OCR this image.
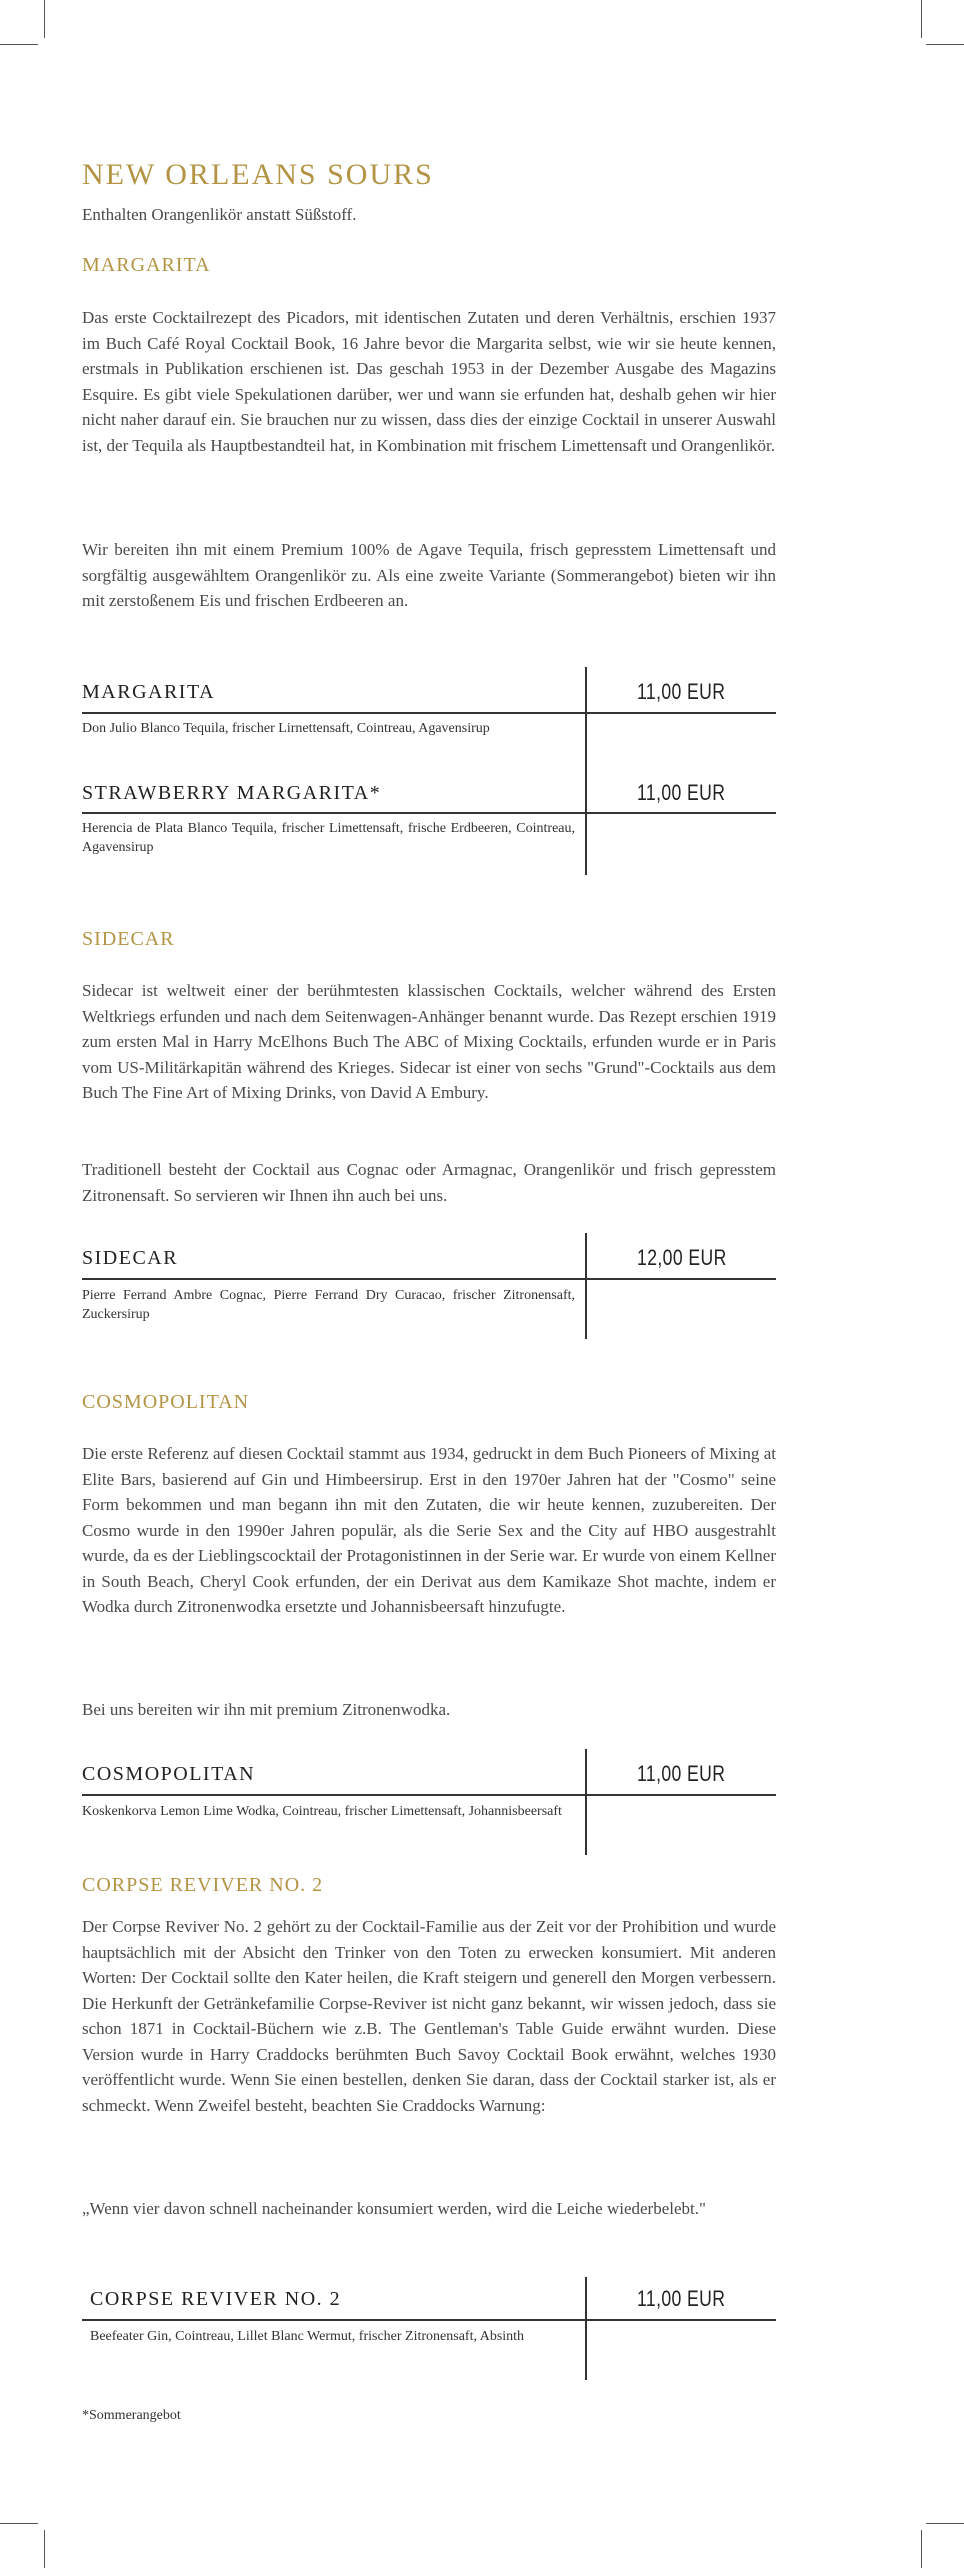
NEW ORLEANS SOURS

Enthalten Orangenlikör anstatt Süßstoff.

MARGARITA

Das erste Cocktailrezept des Picadors, mit identischen Zutaten und deren Verhältnis, erschien 1937 im Buch Café Royal Cocktail Book, 16 Jahre bevor die Margarita selbst, wie wir sie heute kennen, erstmals in Publikation erschienen ist. Das geschah 1953 in der Dezember Ausgabe des Magazins Esquire. Es gibt viele Spekulationen darüber, wer und wann sie erfunden hat, deshalb gehen wir hier nicht naher darauf ein. Sie brauchen nur zu wissen, dass dies der einzige Cocktail in unserer Auswahl ist, der Tequila als Hauptbestandteil hat, in Kombination mit frischem Limettensaft und Orangenlikör.

Wir bereiten ihn mit einem Premium 100% de Agave Tequila, frisch gepresstem Limettensaft und sorgfältig ausgewähltem Orangenlikör zu. Als eine zweite Variante (Sommerangebot) bieten wir ihn mit zerstoßenem Eis und frischen Erdbeeren an.

MARGARITA	11,00 EUR

Don Julio Blanco Tequila, frischer Lirnettensaft, Cointreau, Agavensirup

STRAWBERRY MARGARITA*	11,00 EUR

Herencia de Plata Blanco Tequila, frischer Limettensaft, frische Erdbeeren, Cointreau, Agavensirup

SIDECAR

Sidecar ist weltweit einer der berühmtesten klassischen Cocktails, welcher während des Ersten Weltkriegs erfunden und nach dem Seitenwagen-Anhänger benannt wurde. Das Rezept erschien 1919 zum ersten Mal in Harry McElhons Buch The ABC of Mixing Cocktails, erfunden wurde er in Paris vom US-Militärkapitän während des Krieges. Sidecar ist einer von sechs "Grund"-Cocktails aus dem Buch The Fine Art of Mixing Drinks, von David A Embury.

Traditionell besteht der Cocktail aus Cognac oder Armagnac, Orangenlikör und frisch gepresstem Zitronensaft. So servieren wir Ihnen ihn auch bei uns.

SIDECAR	12,00 EUR

Pierre Ferrand Ambre Cognac, Pierre Ferrand Dry Curacao, frischer Zitronensaft, Zuckersirup

COSMOPOLITAN

Die erste Referenz auf diesen Cocktail stammt aus 1934, gedruckt in dem Buch Pioneers of Mixing at Elite Bars, basierend auf Gin und Himbeersirup. Erst in den 1970er Jahren hat der "Cosmo" seine Form bekommen und man begann ihn mit den Zutaten, die wir heute kennen, zuzubereiten. Der Cosmo wurde in den 1990er Jahren populär, als die Serie Sex and the City auf HBO ausgestrahlt wurde, da es der Lieblingscocktail der Protagonistinnen in der Serie war. Er wurde von einem Kellner in South Beach, Cheryl Cook erfunden, der ein Derivat aus dem Kamikaze Shot machte, indem er Wodka durch Zitronenwodka ersetzte und Johannisbeersaft hinzufugte.

Bei uns bereiten wir ihn mit premium Zitronenwodka.

COSMOPOLITAN	11,00 EUR

Koskenkorva Lemon Lime Wodka, Cointreau, frischer Limettensaft, Johannisbeersaft

CORPSE REVIVER NO. 2

Der Corpse Reviver No. 2 gehört zu der Cocktail-Familie aus der Zeit vor der Prohibition und wurde hauptsächlich mit der Absicht den Trinker von den Toten zu erwecken konsumiert. Mit anderen Worten: Der Cocktail sollte den Kater heilen, die Kraft steigern und generell den Morgen verbessern. Die Herkunft der Getränkefamilie Corpse-Reviver ist nicht ganz bekannt, wir wissen jedoch, dass sie schon 1871 in Cocktail-Büchern wie z.B. The Gentleman's Table Guide erwähnt wurden. Diese Version wurde in Harry Craddocks berühmten Buch Savoy Cocktail Book erwähnt, welches 1930 veröffentlicht wurde. Wenn Sie einen bestellen, denken Sie daran, dass der Cocktail starker ist, als er schmeckt. Wenn Zweifel besteht, beachten Sie Craddocks Warnung:

„Wenn vier davon schnell nacheinander konsumiert werden, wird die Leiche wiederbelebt."

CORPSE REVIVER NO. 2	11,00 EUR

Beefeater Gin, Cointreau, Lillet Blanc Wermut, frischer Zitronensaft, Absinth

*Sommerangebot
